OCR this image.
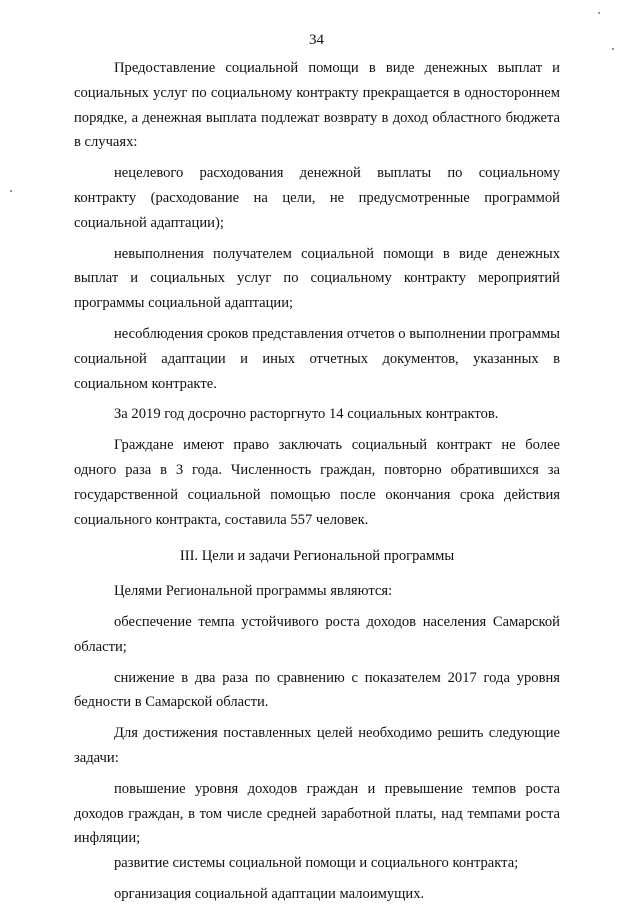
34

Предоставление социальной помощи в виде денежных выплат и социальных услуг по социальному контракту прекращается в одностороннем порядке, а денежная выплата подлежат возврату в доход областного бюджета в случаях:

нецелевого расходования денежной выплаты по социальному контракту (расходование на цели, не предусмотренные программой социальной адаптации);

невыполнения получателем социальной помощи в виде денежных выплат и социальных услуг по социальному контракту мероприятий программы социальной адаптации;

несоблюдения сроков представления отчетов о выполнении программы социальной адаптации и иных отчетных документов, указанных в социальном контракте.

За 2019 год досрочно расторгнуто 14 социальных контрактов.

Граждане имеют право заключать социальный контракт не более одного раза в 3 года. Численность граждан, повторно обратившихся за государственной социальной помощью после окончания срока действия социального контракта, составила 557 человек.

III. Цели и задачи Региональной программы

Целями Региональной программы являются:

обеспечение темпа устойчивого роста доходов населения Самарской области;

снижение в два раза по сравнению с показателем 2017 года уровня бедности в Самарской области.

Для достижения поставленных целей необходимо решить следующие задачи:

повышение уровня доходов граждан и превышение темпов роста доходов граждан, в том числе средней заработной платы, над темпами роста инфляции;

развитие системы социальной помощи и социального контракта;

организация социальной адаптации малоимущих.
